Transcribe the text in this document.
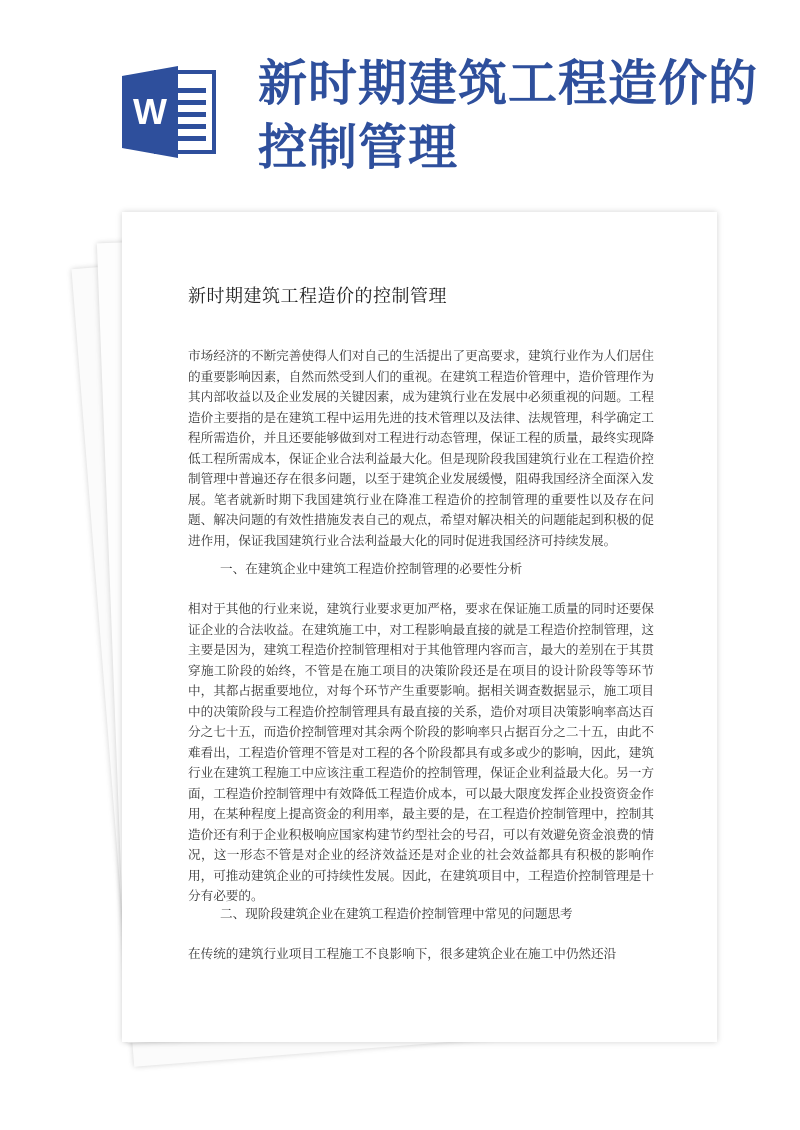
W 新时期建筑工程造价的控制管理
新时期建筑工程造价的控制管理

市场经济的不断完善使得人们对自己的生活提出了更高要求，建筑行业作为人们居住的重要影响因素，自然而然受到人们的重视。在建筑工程造价管理中，造价管理作为其内部收益以及企业发展的关键因素，成为建筑行业在发展中必须重视的问题。工程造价主要指的是在建筑工程中运用先进的技术管理以及法律、法规管理，科学确定工程所需造价，并且还要能够做到对工程进行动态管理，保证工程的质量，最终实现降低工程所需成本，保证企业合法利益最大化。但是现阶段我国建筑行业在工程造价控制管理中普遍还存在很多问题，以至于建筑企业发展缓慢，阻碍我国经济全面深入发展。笔者就新时期下我国建筑行业在降准工程造价的控制管理的重要性以及存在问题、解决问题的有效性措施发表自己的观点，希望对解决相关的问题能起到积极的促进作用，保证我国建筑行业合法利益最大化的同时促进我国经济可持续发展。

一、在建筑企业中建筑工程造价控制管理的必要性分析

相对于其他的行业来说，建筑行业要求更加严格，要求在保证施工质量的同时还要保证企业的合法收益。在建筑施工中，对工程影响最直接的就是工程造价控制管理，这主要是因为，建筑工程造价控制管理相对于其他管理内容而言，最大的差别在于其贯穿施工阶段的始终，不管是在施工项目的决策阶段还是在项目的设计阶段等等环节中，其都占据重要地位，对每个环节产生重要影响。据相关调查数据显示，施工项目中的决策阶段与工程造价控制管理具有最直接的关系，造价对项目决策影响率高达百分之七十五，而造价控制管理对其余两个阶段的影响率只占据百分之二十五，由此不难看出，工程造价管理不管是对工程的各个阶段都具有或多或少的影响，因此，建筑行业在建筑工程施工中应该注重工程造价的控制管理，保证企业利益最大化。另一方面，工程造价控制管理中有效降低工程造价成本，可以最大限度发挥企业投资资金作用，在某种程度上提高资金的利用率，最主要的是，在工程造价控制管理中，控制其造价还有利于企业积极响应国家构建节约型社会的号召，可以有效避免资金浪费的情况，这一形态不管是对企业的经济效益还是对企业的社会效益都具有积极的影响作用，可推动建筑企业的可持续性发展。因此，在建筑项目中，工程造价控制管理是十分有必要的。

二、现阶段建筑企业在建筑工程造价控制管理中常见的问题思考

在传统的建筑行业项目工程施工不良影响下，很多建筑企业在施工中仍然还沿
